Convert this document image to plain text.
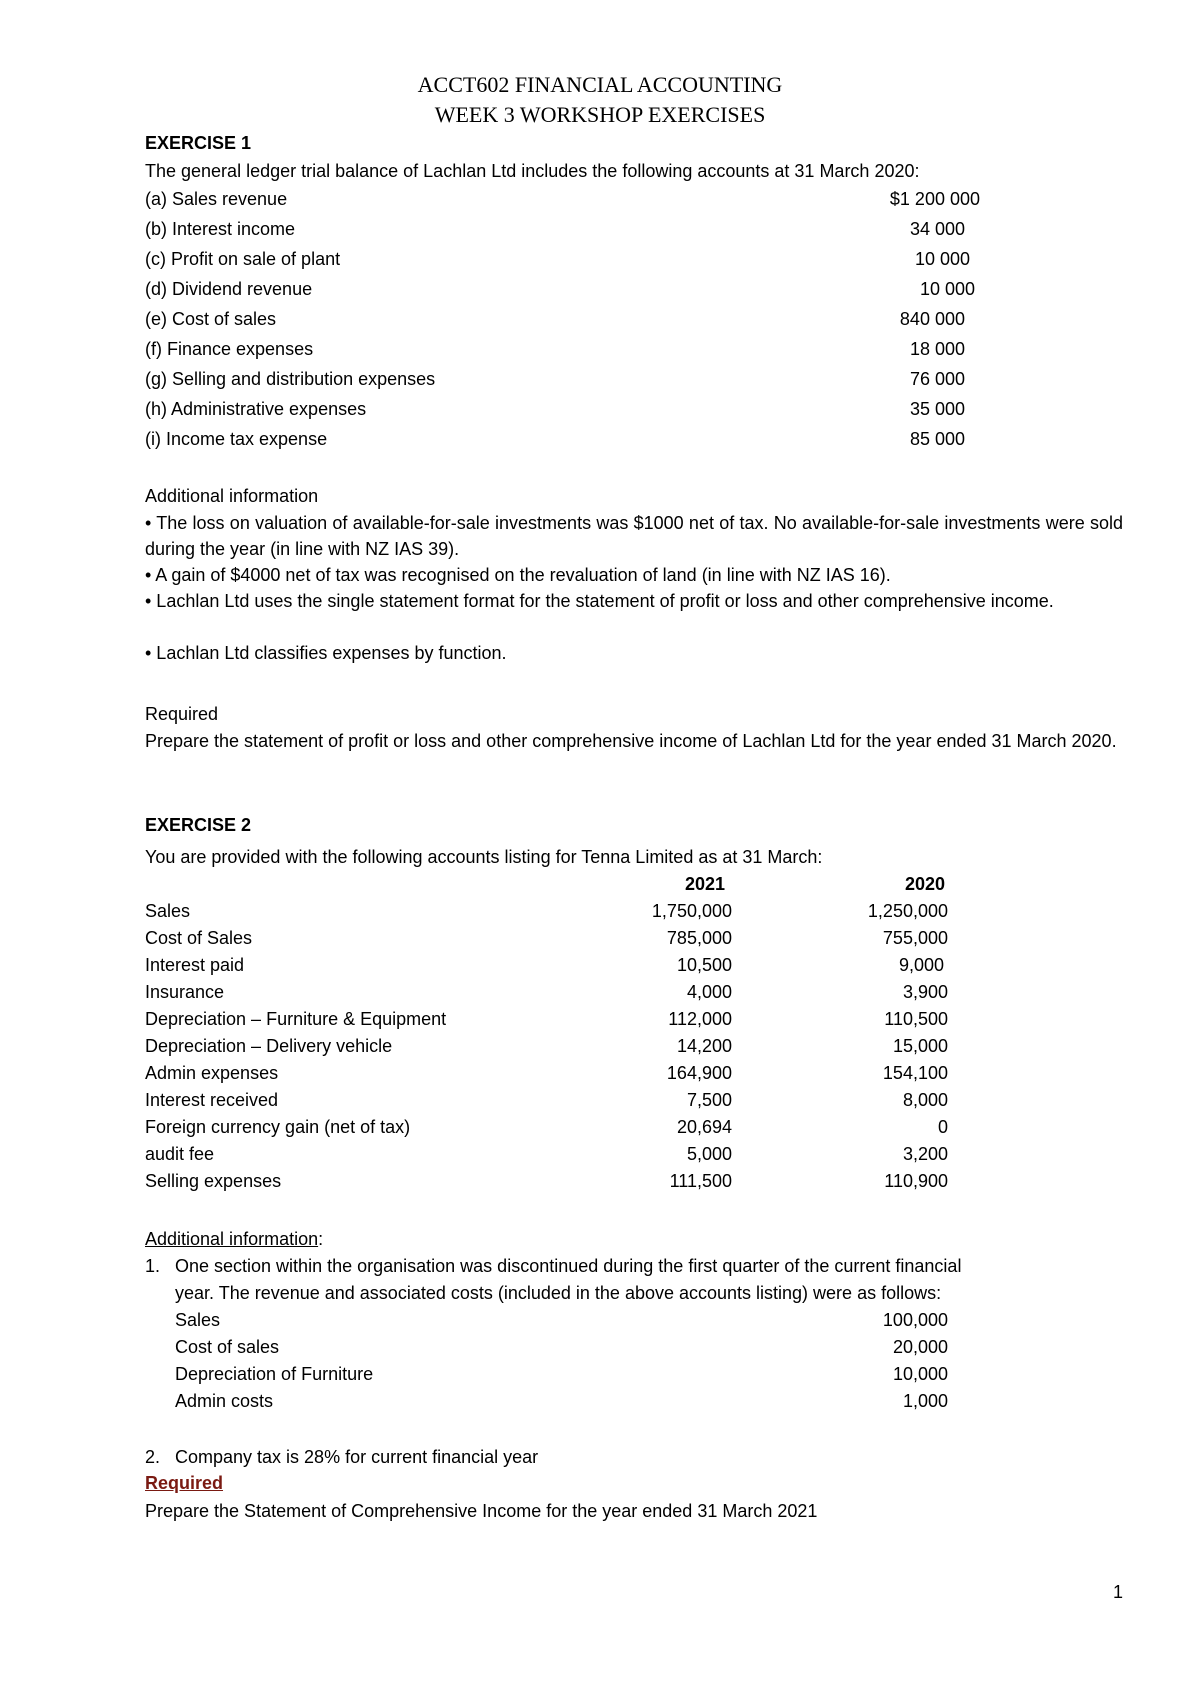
ACCT602 FINANCIAL ACCOUNTING
WEEK 3 WORKSHOP EXERCISES
EXERCISE 1
The general ledger trial balance of Lachlan Ltd includes the following accounts at 31 March 2020:
(a) Sales revenue	$1 200 000
(b) Interest income	34 000
(c) Profit on sale of plant	10 000
(d) Dividend revenue	10 000
(e) Cost of sales	840 000
(f) Finance expenses	18 000
(g) Selling and distribution expenses	76 000
(h) Administrative expenses	35 000
(i) Income tax expense	85 000
Additional information
• The loss on valuation of available-for-sale investments was $1000 net of tax. No available-for-sale investments were sold during the year (in line with NZ IAS 39).
• A gain of $4000 net of tax was recognised on the revaluation of land (in line with NZ IAS 16).
• Lachlan Ltd uses the single statement format for the statement of profit or loss and other comprehensive income.
• Lachlan Ltd classifies expenses by function.
Required
Prepare the statement of profit or loss and other comprehensive income of Lachlan Ltd for the year ended 31 March 2020.
EXERCISE 2
You are provided with the following accounts listing for Tenna Limited as at 31 March:
2021	2020
Sales	1,750,000	1,250,000
Cost of Sales	785,000	755,000
Interest paid	10,500	9,000
Insurance	4,000	3,900
Depreciation – Furniture & Equipment	112,000	110,500
Depreciation – Delivery vehicle	14,200	15,000
Admin expenses	164,900	154,100
Interest received	7,500	8,000
Foreign currency gain (net of tax)	20,694	0
audit fee	5,000	3,200
Selling expenses	111,500	110,900
Additional information:
1. One section within the organisation was discontinued during the first quarter of the current financial
year. The revenue and associated costs (included in the above accounts listing) were as follows:
Sales	100,000
Cost of sales	20,000
Depreciation of Furniture	10,000
Admin costs	1,000
2. Company tax is 28% for current financial year
Required
Prepare the Statement of Comprehensive Income for the year ended 31 March 2021
1
